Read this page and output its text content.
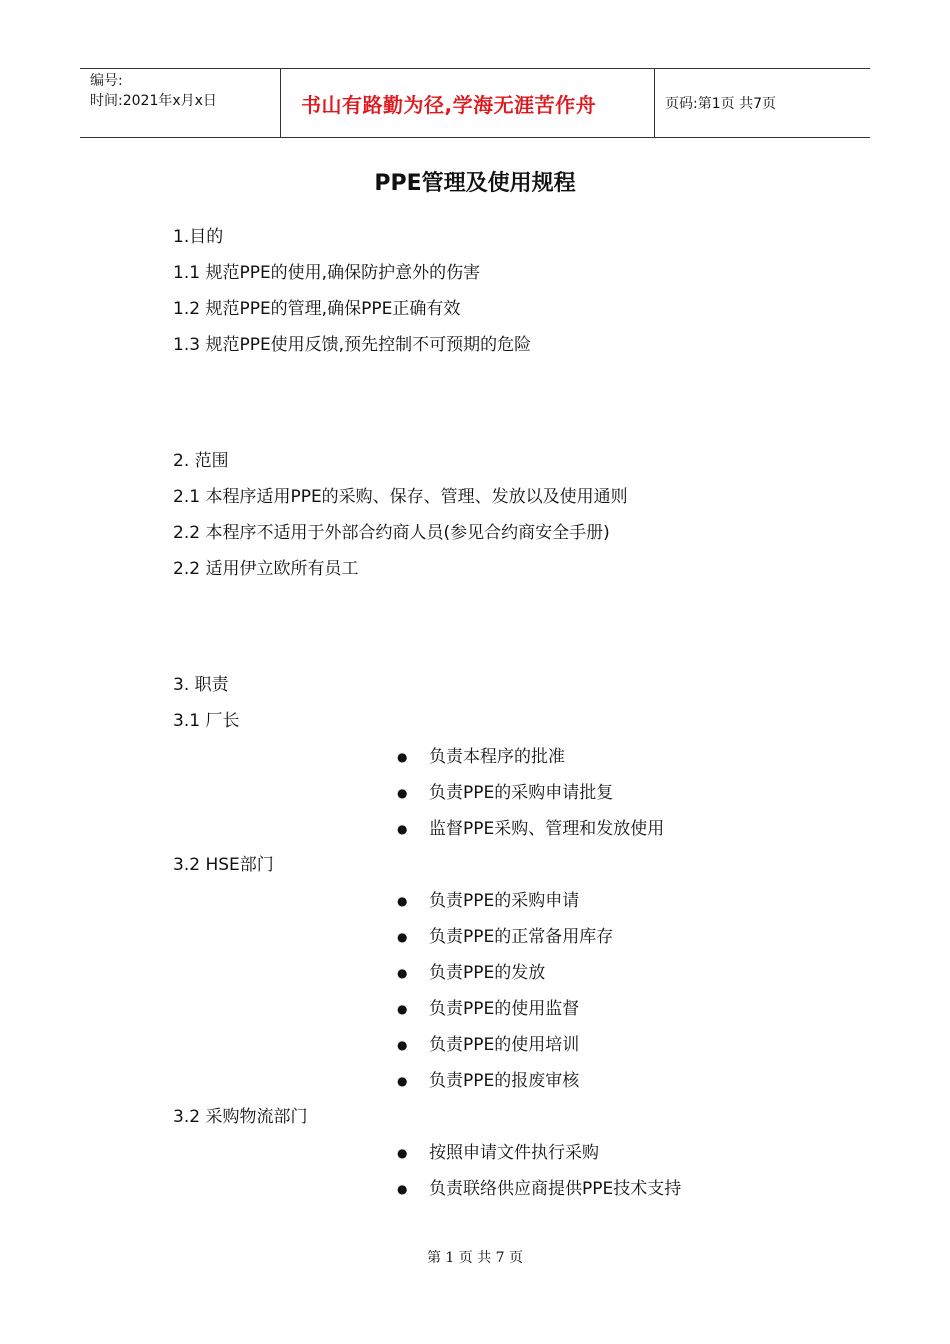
编号:
时间:2021年x月x日	书山有路勤为径,学海无涯苦作舟	页码:第1页 共7页
PPE管理及使用规程
1.目的
1.1 规范PPE的使用,确保防护意外的伤害
1.2 规范PPE的管理,确保PPE正确有效
1.3 规范PPE使用反馈,预先控制不可预期的危险
2. 范围
2.1 本程序适用PPE的采购、保存、管理、发放以及使用通则
2.2 本程序不适用于外部合约商人员(参见合约商安全手册)
2.2 适用伊立欧所有员工
3. 职责
3.1 厂长
● 负责本程序的批准
● 负责PPE的采购申请批复
● 监督PPE采购、管理和发放使用
3.2 HSE部门
● 负责PPE的采购申请
● 负责PPE的正常备用库存
● 负责PPE的发放
● 负责PPE的使用监督
● 负责PPE的使用培训
● 负责PPE的报废审核
3.2 采购物流部门
● 按照申请文件执行采购
● 负责联络供应商提供PPE技术支持
第 1 页 共 7 页
